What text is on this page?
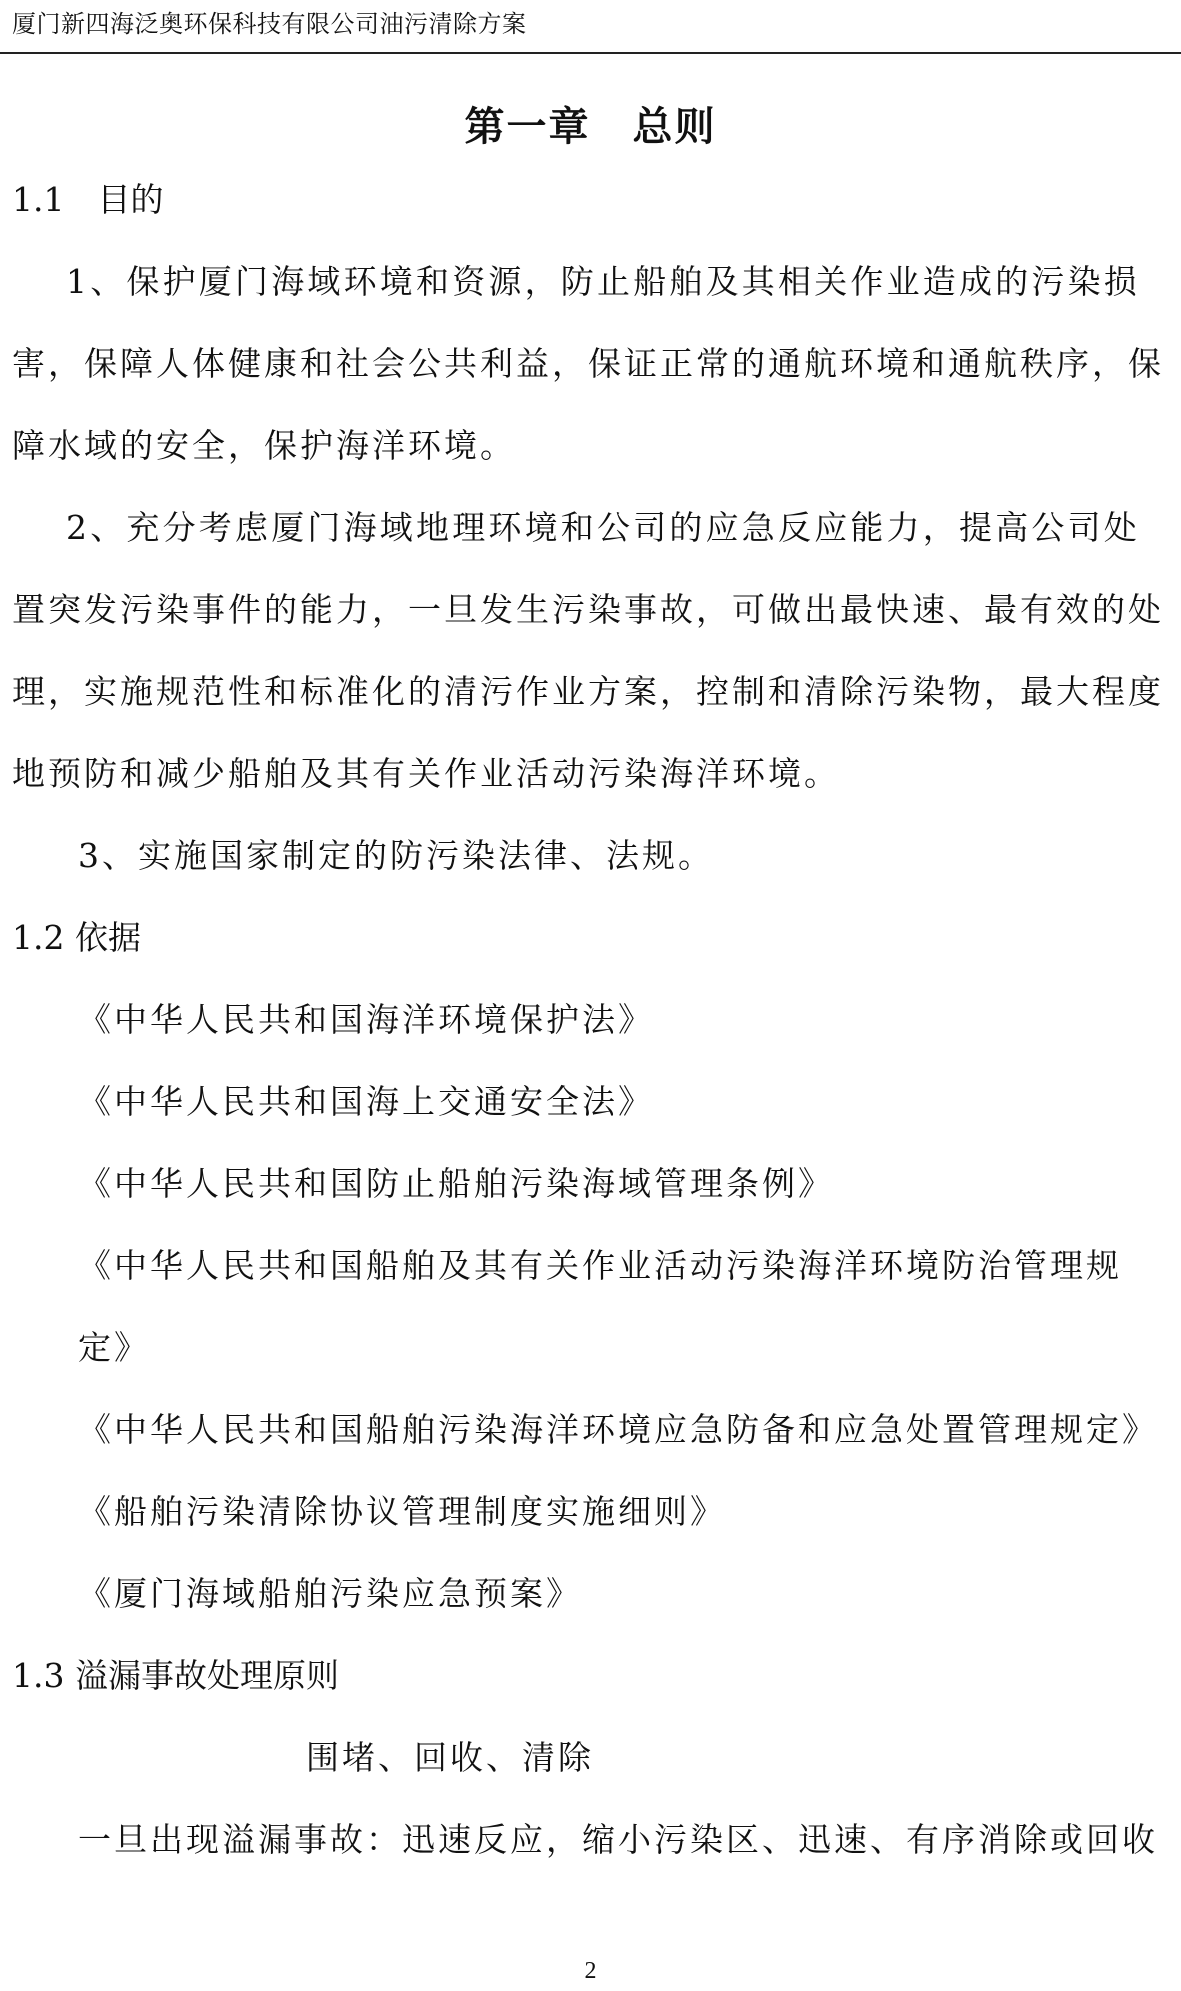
厦门新四海泛奥环保科技有限公司油污清除方案
第一章　总则
1.1　目的
1、保护厦门海域环境和资源，防止船舶及其相关作业造成的污染损
害，保障人体健康和社会公共利益，保证正常的通航环境和通航秩序，保
障水域的安全，保护海洋环境。
2、充分考虑厦门海域地理环境和公司的应急反应能力，提高公司处
置突发污染事件的能力，一旦发生污染事故，可做出最快速、最有效的处
理，实施规范性和标准化的清污作业方案，控制和清除污染物，最大程度
地预防和减少船舶及其有关作业活动污染海洋环境。
3、实施国家制定的防污染法律、法规。
1.2 依据
《中华人民共和国海洋环境保护法》
《中华人民共和国海上交通安全法》
《中华人民共和国防止船舶污染海域管理条例》
《中华人民共和国船舶及其有关作业活动污染海洋环境防治管理规
定》
《中华人民共和国船舶污染海洋环境应急防备和应急处置管理规定》
《船舶污染清除协议管理制度实施细则》
《厦门海域船舶污染应急预案》
1.3 溢漏事故处理原则
围堵、回收、清除
一旦出现溢漏事故：迅速反应，缩小污染区、迅速、有序消除或回收
2
